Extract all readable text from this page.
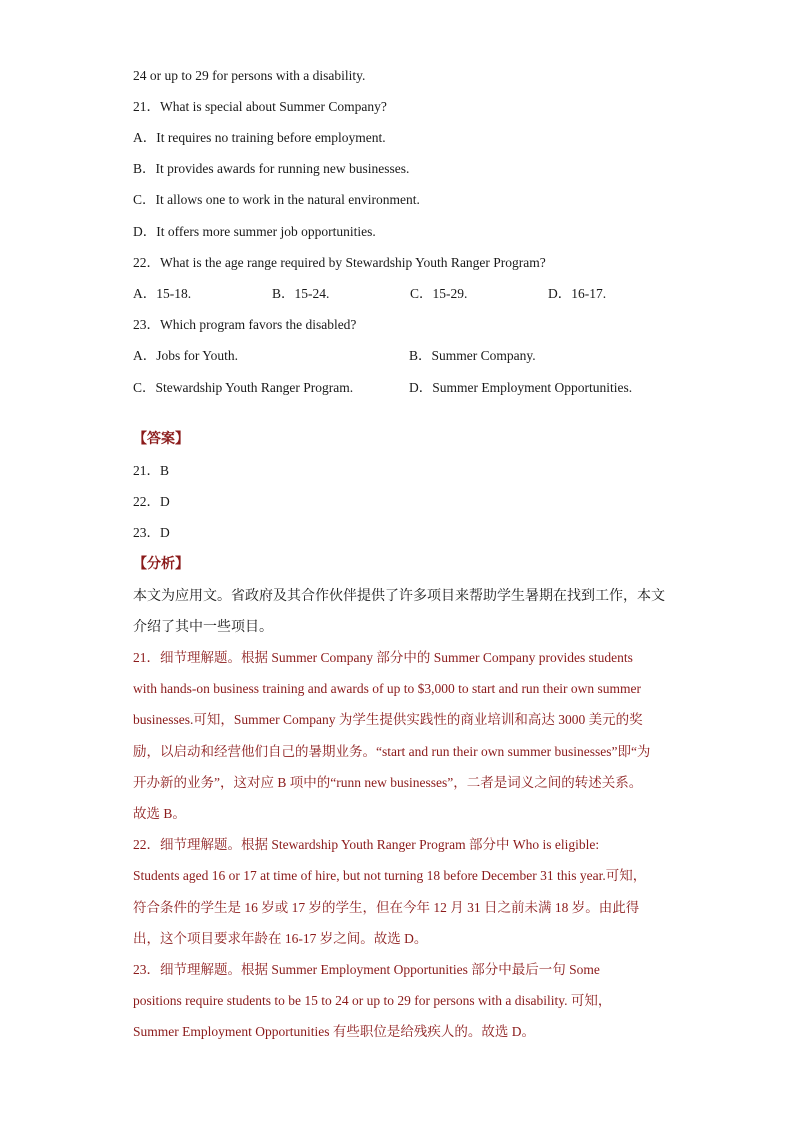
24 or up to 29 for persons with a disability.
21．What is special about Summer Company?
A．It requires no training before employment.
B．It provides awards for running new businesses.
C．It allows one to work in the natural environment.
D．It offers more summer job opportunities.
22．What is the age range required by Stewardship Youth Ranger Program?
A．15-18.	B．15-24.	C．15-29.	D．16-17.
23．Which program favors the disabled?
A．Jobs for Youth.	B．Summer Company.
C．Stewardship Youth Ranger Program.	D．Summer Employment Opportunities.
【答案】
21．B
22．D
23．D
【分析】
本文为应用文。省政府及其合作伙伴提供了许多项目来帮助学生暑期在找到工作，本文
介绍了其中一些项目。
21．细节理解题。根据 Summer Company 部分中的 Summer Company provides students
with hands-on business training and awards of up to $3,000 to start and run their own summer
businesses.可知，Summer Company 为学生提供实践性的商业培训和高达 3000 美元的奖
励，以启动和经营他们自己的暑期业务。“start and run their own summer businesses”即“为
开办新的业务”，这对应 B 项中的“runn new businesses”，二者是词义之间的转述关系。
故选 B。
22．细节理解题。根据 Stewardship Youth Ranger Program 部分中 Who is eligible:
Students aged 16 or 17 at time of hire, but not turning 18 before December 31 this year.可知，
符合条件的学生是 16 岁或 17 岁的学生，但在今年 12 月 31 日之前未满 18 岁。由此得
出，这个项目要求年龄在 16-17 岁之间。故选 D。
23．细节理解题。根据 Summer Employment Opportunities 部分中最后一句 Some
positions require students to be 15 to 24 or up to 29 for persons with a disability. 可知，
Summer Employment Opportunities 有些职位是给残疾人的。故选 D。
